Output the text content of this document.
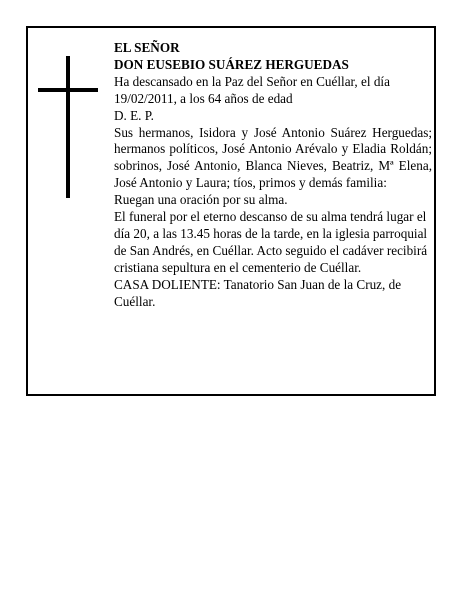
EL SEÑOR

DON EUSEBIO SUÁREZ HERGUEDAS

Ha descansado en la Paz del Señor en Cuéllar, el día 19/02/2011, a los 64 años de edad

D. E. P.

Sus hermanos, Isidora y José Antonio Suárez Herguedas; hermanos políticos, José Antonio Arévalo y Eladia Roldán; sobrinos, José Antonio, Blanca Nieves, Beatriz, Mª Elena, José Antonio y Laura; tíos, primos y demás familia:

Ruegan una oración por su alma.

El funeral por el eterno descanso de su alma tendrá lugar el día 20, a las 13.45 horas de la tarde, en la iglesia parroquial de San Andrés, en Cuéllar. Acto seguido el cadáver recibirá cristiana sepultura en el cementerio de Cuéllar.

CASA DOLIENTE: Tanatorio San Juan de la Cruz, de Cuéllar.
